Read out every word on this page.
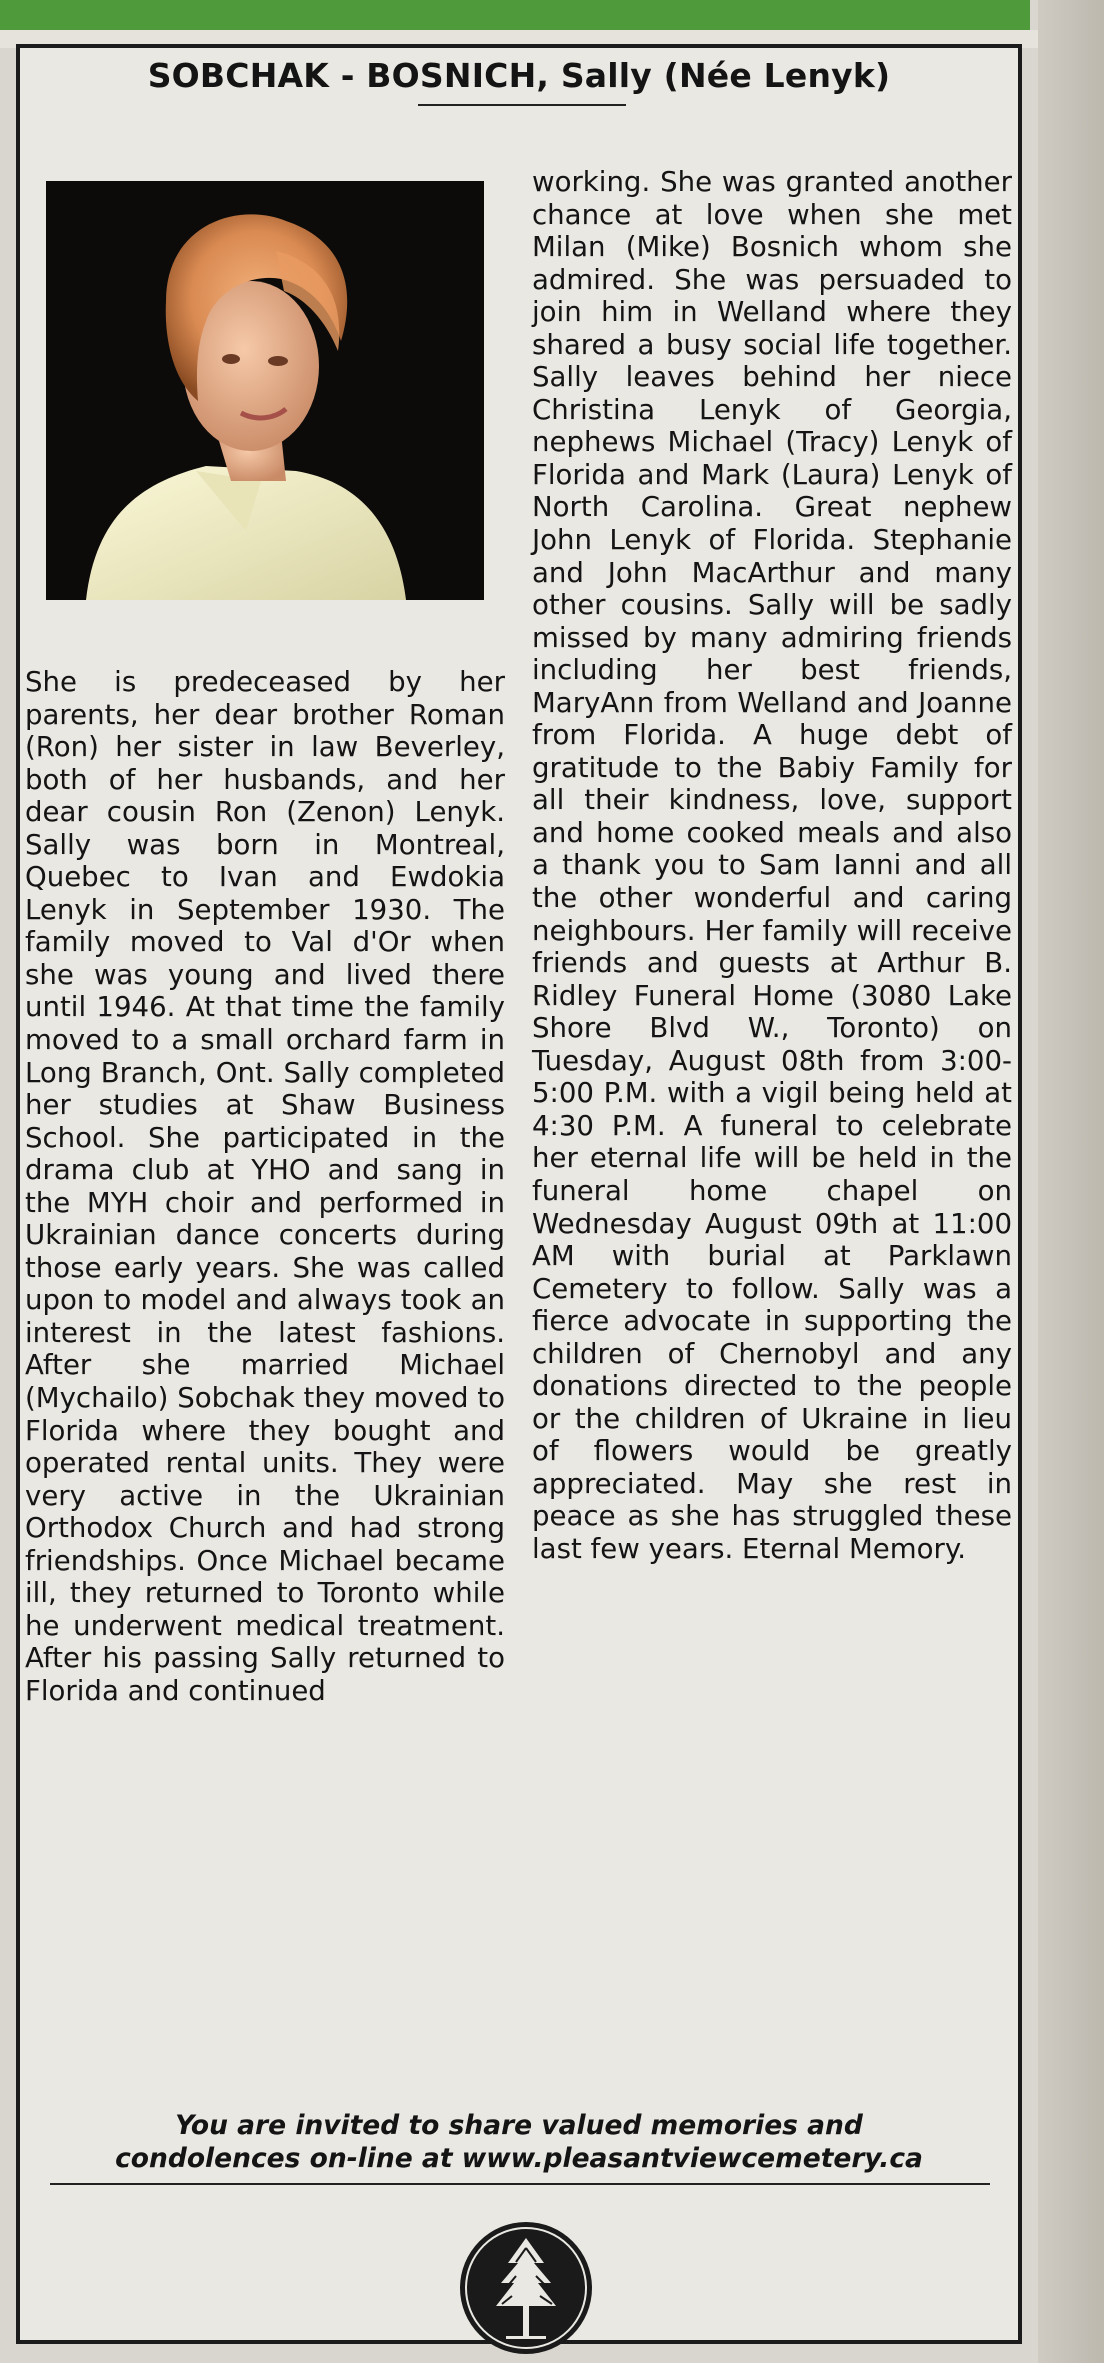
SOBCHAK - BOSNICH, Sally (Née Lenyk)
She is predeceased by her parents, her dear brother Roman (Ron) her sister in law Beverley, both of her husbands, and her dear cousin Ron (Zenon) Lenyk. Sally was born in Montreal, Quebec to Ivan and Ewdokia Lenyk in September 1930. The family moved to Val d'Or when she was young and lived there until 1946. At that time the family moved to a small orchard farm in Long Branch, Ont. Sally completed her studies at Shaw Business School. She participated in the drama club at YHO and sang in the MYH choir and performed in Ukrainian dance concerts during those early years. She was called upon to model and always took an interest in the latest fashions. After she married Michael (Mychailo) Sobchak they moved to Florida where they bought and operated rental units. They were very active in the Ukrainian Orthodox Church and had strong friendships. Once Michael became ill, they returned to Toronto while he underwent medical treatment. After his passing Sally returned to Florida and continued
working. She was granted another chance at love when she met Milan (Mike) Bosnich whom she admired. She was persuaded to join him in Welland where they shared a busy social life together. Sally leaves behind her niece Christina Lenyk of Georgia, nephews Michael (Tracy) Lenyk of Florida and Mark (Laura) Lenyk of North Carolina. Great nephew John Lenyk of Florida. Stephanie and John MacArthur and many other cousins. Sally will be sadly missed by many admiring friends including her best friends, MaryAnn from Welland and Joanne from Florida. A huge debt of gratitude to the Babiy Family for all their kindness, love, support and home cooked meals and also a thank you to Sam Ianni and all the other wonderful and caring neighbours. Her family will receive friends and guests at Arthur B. Ridley Funeral Home (3080 Lake Shore Blvd W., Toronto) on Tuesday, August 08th from 3:00-5:00 P.M. with a vigil being held at 4:30 P.M. A funeral to celebrate her eternal life will be held in the funeral home chapel on Wednesday August 09th at 11:00 AM with burial at Parklawn Cemetery to follow. Sally was a fierce advocate in supporting the children of Chernobyl and any donations directed to the people or the children of Ukraine in lieu of flowers would be greatly appreciated. May she rest in peace as she has struggled these last few years. Eternal Memory.
You are invited to share valued memories and condolences on-line at www.pleasantviewcemetery.ca
